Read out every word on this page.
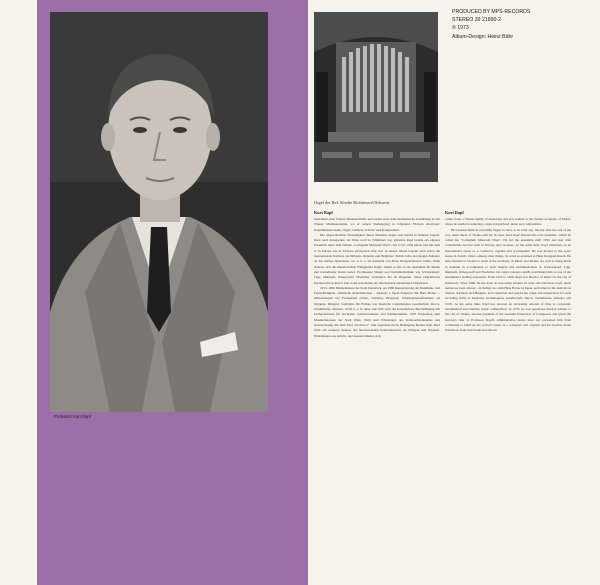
Professor Kurt Rapf
Orgel der Ref. Kirche Richterswil/Schweiz
PRODUCED BY MPS-RECORDS
STEREO 39 21890-2
℗ 1973
Album-Design: Heinz Bähr
Kurt Rapf

entstammt einer Wiener Musikerfamilie und erhielt auch seine musikalische Ausbildung an der Wiener Musikakademie, wo er seinen Studiengang in folgenden Fächern absolviert: Kapellmeisterschule, Orgel, Cembalo, Klavier und Komposition.

Die ungewöhnliche Vielseitigkeit dieses Musikers zeigte sich bereits in früherer Jugend. Kurz nach Kriegsende, als Wien noch in Trümmern lag, gründete Rapf bereits ein eigenes Ensemble unter dem Namen „Collegium Musicum Wien“, das er bis 1956 leitete und mit dem er in Europa wie in Übersee erfolgreich tätig war. In diesen Jahren begann auch schon die internationale Karriere als Dirigent, Organist und Begleiter: Zürich holte den jungen Künstler an das dortige Opernhaus, wo er u. a. als Assistent von Hans Knappertsbusch wirkte. Wien sicherte sich die künstlerischen Fähigkeiten Rapfs, indem es ihn an die Akademie für Musik und darstellende Kunst berief. Prominente Sänger und Instrumentalisten wie Schwarzkopf, Lipp, Mainardi, Odnoposoff, Hoelscher verlangten ihn als Begleiter. Seine Orgelabende brachten ihn in kurzer Zeit in die erste Reihe der international anerkannten Organisten.

1953–1960 Musikdirektor der Stadt Innsbruck. Ab 1960 Intensivierung der Rundfunk- und Fernsehtätigkeit, zahlreiche Auslandsreisen – darunter 2 Japan-Tourneen mit Hans Hotter –, Mitwirkungen bei Festspielen (Wien, Salzburg, Bregenz), Schallplattenaufnahmen als Organist, Dirigent, Cembalist für Firmen wie Deutsche Grammophon Gesellschaft, Decca, Westminster, Amadeo, VOX u. a. In diese Zeit fällt auch die konzentrierte Beschäftigung mit Kompositionen für Orchester, Soloinstrumente und Kammermusik. 1970 Ernennung zum Musikreferenten der Stadt Wien, Wahl zum Präsidenten des Komponistenbundes und Auszeichnung mit dem Titel „Professor“. Die organisatorische Betätigung hindert Kurt Rapf nicht am weiteren Ausbau der internationalen Konzertkarriere als Dirigent und Organist. Einladungen aus dem In- und Ausland häufen sich.

Kurt Rapf

comes from a Vienna family of musicians and was trained at the Vienna Academy of Music, where he studied conducting, organ, harpsichord, piano and composition.

His unusual musical versatility began to show at an early age. Shortly after the end of the war, when much of Vienna still lay in ruins, Kurt Rapf founded his own ensemble, which he called the "Collegium Musicum Wien". He led the ensemble until 1956 and met with considerable success both in Europe and overseas. At the same time, Rapf embarked on an international career as a conductor, organist and accompanist. He was invited to the opera house in Zurich, where, among other things, he acted as assistant to Hans Knappertsbusch. He then returned to Vienna to teach at the Academy of Music and Drama. As well as being much in demand as accompanist to such singers and instrumentalists as Schwarzkopf, Lipp, Mainardi, Odnoposoff and Hoelscher, his organ concerts rapidly established him as one of the instrument's leading exponents. From 1953 to 1960, Rapf was director of music for the city of Innsbruck. Since 1960, he has done an increasing amount of radio and television work, made numerous tours abroad – including two with Hans Hotter in Japan, performed at the festivals in Vienna, Salzburg and Bregenz, and conducted and played the organ and harpsichord for such recording firms as Deutsche Grammophon Gesellschaft, Decca, Westminster, Amadeo and VOX. At the same time, Rapf has devoted an increasing amount of time to orchestral, instrumental and chamber music composition. In 1970, he was appointed musical adviser to the city of Vienna, elected president of the Austrian Federation of Composers and given the honorary title of Professor. Rapf's administrative duties have not prevented him from continuing to build up his concert career as a composer and organist and he receives many invitations from both home and abroad.
